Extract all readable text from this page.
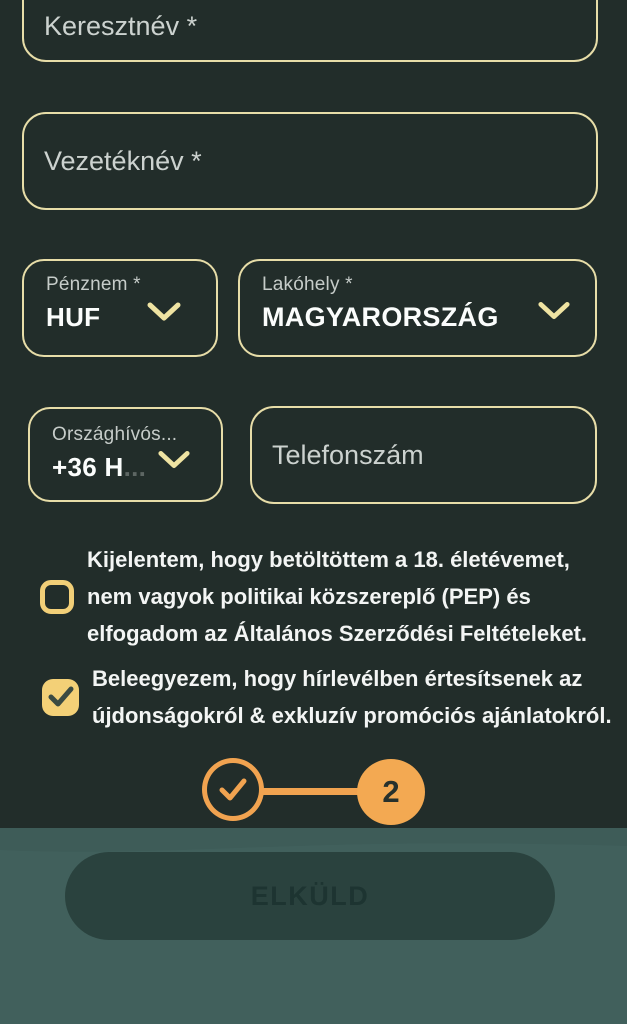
Keresztnév *
Vezetéknév *
Pénznem *
HUF
Lakóhely *
MAGYARORSZÁG
Országhívós...
+36 H ...
Telefonszám
Kijelentem, hogy betöltöttem a 18. életévemet,
nem vagyok politikai közszereplő (PEP) és
elfogadom az Általános Szerződési Feltételeket.
Beleegyezem, hogy hírlevélben értesítsenek az
újdonságokról & exkluzív promóciós ajánlatokról.
2
ELKÜLD
